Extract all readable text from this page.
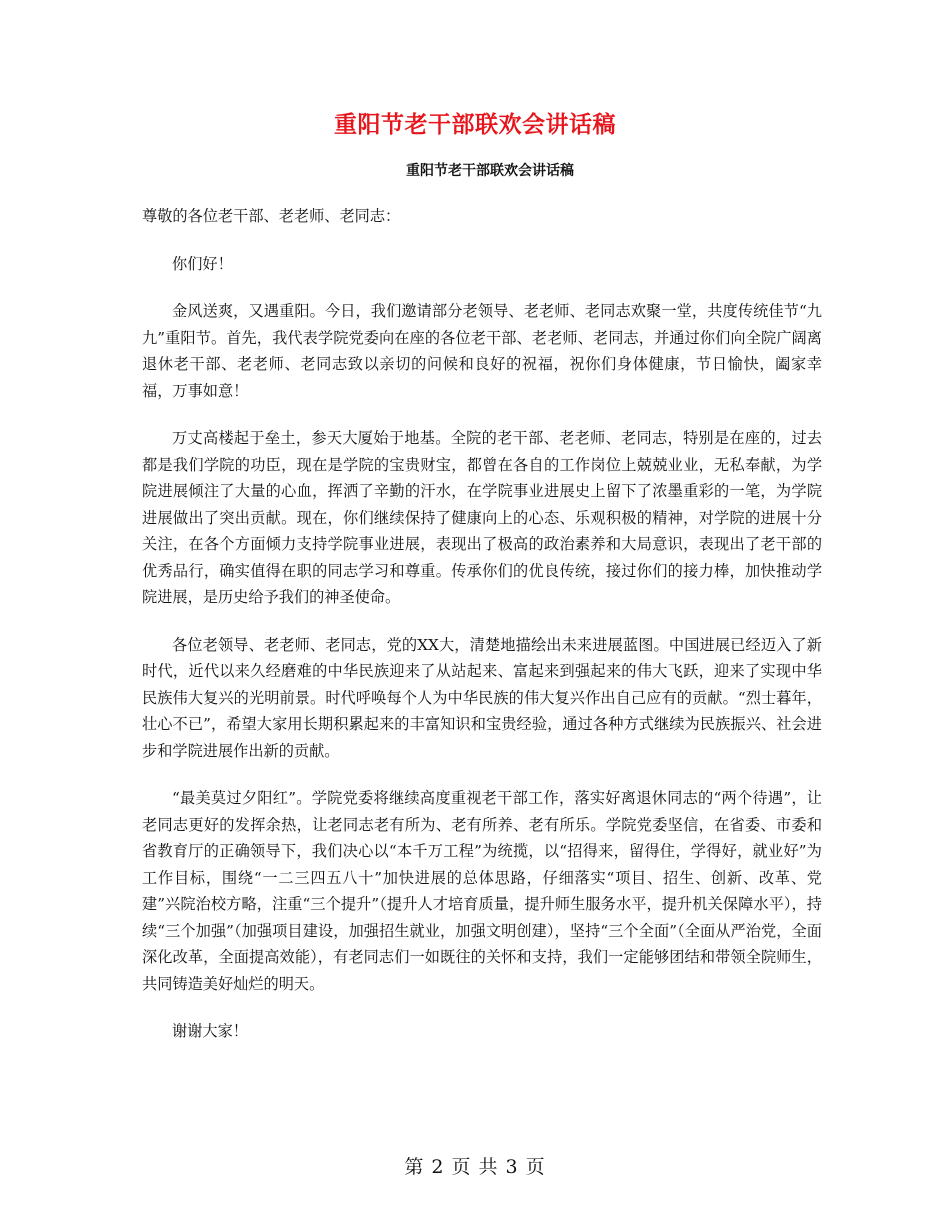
重阳节老干部联欢会讲话稿
重阳节老干部联欢会讲话稿

尊敬的各位老干部、老老师、老同志：

你们好！

金风送爽，又遇重阳。今日，我们邀请部分老领导、老老师、老同志欢聚一堂，共度传统佳节“九九”重阳节。首先，我代表学院党委向在座的各位老干部、老老师、老同志，并通过你们向全院广阔离退休老干部、老老师、老同志致以亲切的问候和良好的祝福，祝你们身体健康，节日愉快，阖家幸福，万事如意！

万丈高楼起于垒土，参天大厦始于地基。全院的老干部、老老师、老同志，特别是在座的，过去都是我们学院的功臣，现在是学院的宝贵财宝，都曾在各自的工作岗位上兢兢业业，无私奉献，为学院进展倾注了大量的心血，挥洒了辛勤的汗水，在学院事业进展史上留下了浓墨重彩的一笔，为学院进展做出了突出贡献。现在，你们继续保持了健康向上的心态、乐观积极的精神，对学院的进展十分关注，在各个方面倾力支持学院事业进展，表现出了极高的政治素养和大局意识，表现出了老干部的优秀品行，确实值得在职的同志学习和尊重。传承你们的优良传统，接过你们的接力棒，加快推动学院进展，是历史给予我们的神圣使命。

各位老领导、老老师、老同志，党的XX大，清楚地描绘出未来进展蓝图。中国进展已经迈入了新时代，近代以来久经磨难的中华民族迎来了从站起来、富起来到强起来的伟大飞跃，迎来了实现中华民族伟大复兴的光明前景。时代呼唤每个人为中华民族的伟大复兴作出自己应有的贡献。“烈士暮年，壮心不已”，希望大家用长期积累起来的丰富知识和宝贵经验，通过各种方式继续为民族振兴、社会进步和学院进展作出新的贡献。

“最美莫过夕阳红”。学院党委将继续高度重视老干部工作，落实好离退休同志的“两个待遇”，让老同志更好的发挥余热，让老同志老有所为、老有所养、老有所乐。学院党委坚信，在省委、市委和省教育厅的正确领导下，我们决心以“本千万工程”为统揽，以“招得来，留得住，学得好，就业好”为工作目标，围绕“一二三四五八十”加快进展的总体思路，仔细落实“项目、招生、创新、改革、党建”兴院治校方略，注重“三个提升”（提升人才培育质量，提升师生服务水平，提升机关保障水平），持续“三个加强”（加强项目建设，加强招生就业，加强文明创建），坚持“三个全面”（全面从严治党，全面深化改革，全面提高效能），有老同志们一如既往的关怀和支持，我们一定能够团结和带领全院师生，共同铸造美好灿烂的明天。

谢谢大家！

第 2 页 共 3 页
